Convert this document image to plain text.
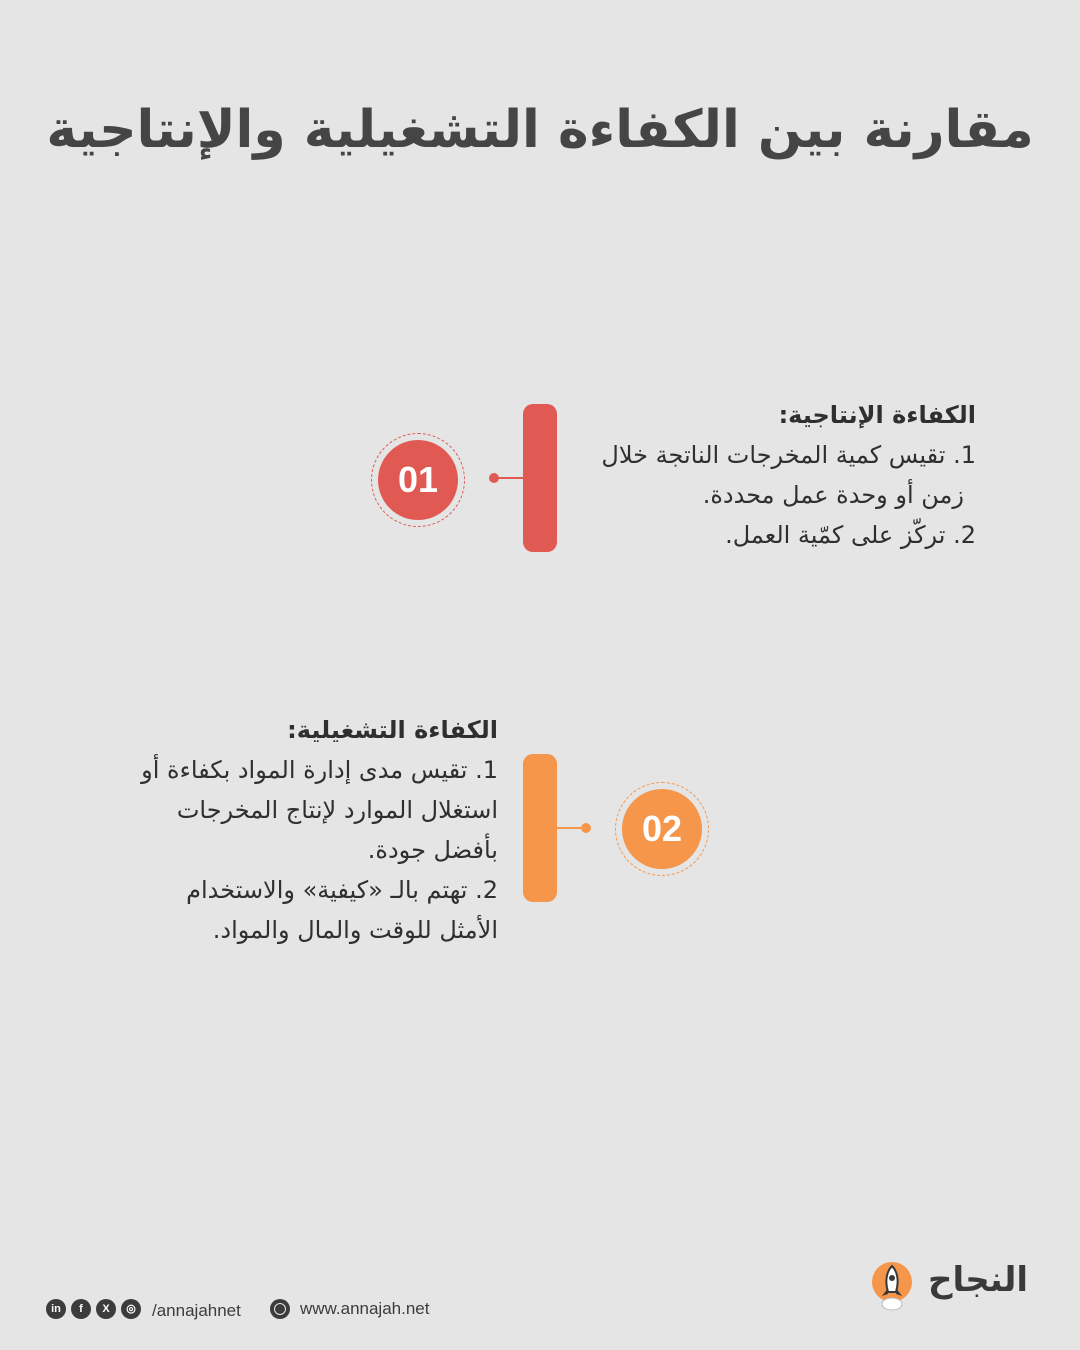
مقارنة بين الكفاءة التشغيلية والإنتاجية
01

الكفاءة الإنتاجية:

1. تقيس كمية المخرجات الناتجة خلال

زمن أو وحدة عمل محددة.

2. تركّز على كمّية العمل.

02

الكفاءة التشغيلية:

1. تقيس مدى إدارة المواد بكفاءة أو

استغلال الموارد لإنتاج المخرجات

بأفضل جودة.

2. تهتم بالـ «كيفية» والاستخدام

الأمثل للوقت والمال والمواد.

in	f	X	◎ /annajahnet	www.annajah.net
النجاح
